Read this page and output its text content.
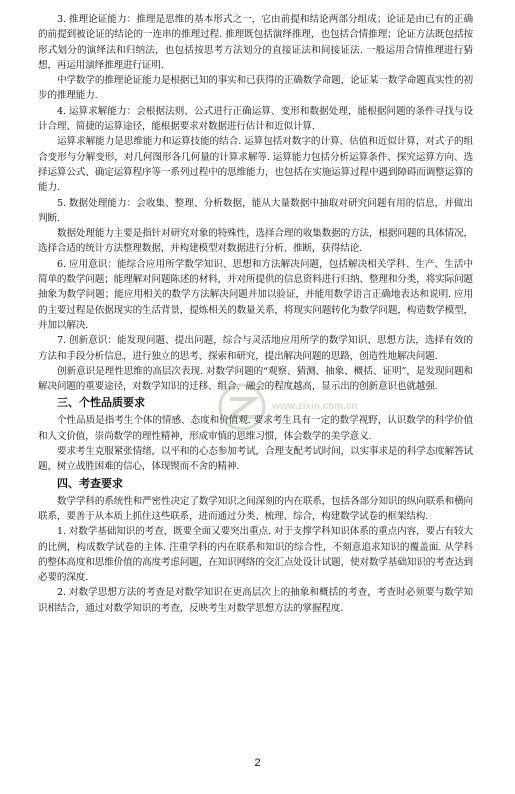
3. 推理论证能力：推理是思维的基本形式之一，它由前提和结论两部分组成；论证是由已有的正确的前提到被论证的结论的一连串的推理过程. 推理既包括演绎推理，也包括合情推理；论证方法既包括按形式划分的演绎法和归纳法，也包括按思考方法划分的直接证法和间接证法. 一般运用合情推理进行猜想，再运用演绎推理进行证明.

中学数学的推理论证能力是根据已知的事实和已获得的正确数学命题，论证某一数学命题真实性的初步的推理能力.

4. 运算求解能力：会根据法则、公式进行正确运算、变形和数据处理，能根据问题的条件寻找与设计合理、简捷的运算途径，能根据要求对数据进行估计和近似计算.

运算求解能力是思维能力和运算技能的结合. 运算包括对数字的计算、估值和近似计算，对式子的组合变形与分解变形，对几何图形各几何量的计算求解等. 运算能力包括分析运算条件、探究运算方向、选择运算公式、确定运算程序等一系列过程中的思维能力，也包括在实施运算过程中遇到障碍而调整运算的能力.

5. 数据处理能力：会收集、整理、分析数据，能从大量数据中抽取对研究问题有用的信息，并做出判断.

数据处理能力主要是指针对研究对象的特殊性，选择合理的收集数据的方法，根据问题的具体情况，选择合适的统计方法整理数据，并构建模型对数据进行分析、推断，获得结论.

6. 应用意识：能综合应用所学数学知识、思想和方法解决问题，包括解决相关学科、生产、生活中简单的数学问题；能理解对问题陈述的材料，并对所提供的信息资料进行归纳、整理和分类，将实际问题抽象为数学问题；能应用相关的数学方法解决问题并加以验证，并能用数学语言正确地表达和说明. 应用的主要过程是依据现实的生活背景，提炼相关的数量关系，将现实问题转化为数学问题，构造数学模型，并加以解决.

7. 创新意识：能发现问题、提出问题，综合与灵活地应用所学的数学知识、思想方法，选择有效的方法和手段分析信息，进行独立的思考、探索和研究，提出解决问题的思路，创造性地解决问题.

创新意识是理性思维的高层次表现. 对数学问题的“观察、猜测、抽象、概括、证明”，是发现问题和解决问题的重要途径，对数学知识的迁移、组合、融会的程度越高，显示出的创新意识也就越强.

三、个性品质要求

个性品质是指考生个体的情感、态度和价值观. 要求考生具有一定的数学视野，认识数学的科学价值和人文价值，崇尚数学的理性精神，形成审慎的思维习惯，体会数学的美学意义.

要求考生克服紧张情绪，以平和的心态参加考试，合理支配考试时间，以实事求是的科学态度解答试题，树立战胜困难的信心，体现锲而不舍的精神.

四、考查要求

数学学科的系统性和严密性决定了数学知识之间深刻的内在联系，包括各部分知识的纵向联系和横向联系，要善于从本质上抓住这些联系，进而通过分类、梳理、综合，构建数学试卷的框架结构.

1. 对数学基础知识的考查，既要全面又要突出重点. 对于支撑学科知识体系的重点内容，要占有较大的比例，构成数学试卷的主体. 注重学科的内在联系和知识的综合性，不刻意追求知识的覆盖面. 从学科的整体高度和思维价值的高度考虑问题，在知识网络的交汇点处设计试题，使对数学基础知识的考查达到必要的深度.

2. 对数学思想方法的考查是对数学知识在更高层次上的抽象和概括的考查，考查时必须要与数学知识相结合，通过对数学知识的考查，反映考生对数学思想方法的掌握程度.

www.zixin.com.cn
2
